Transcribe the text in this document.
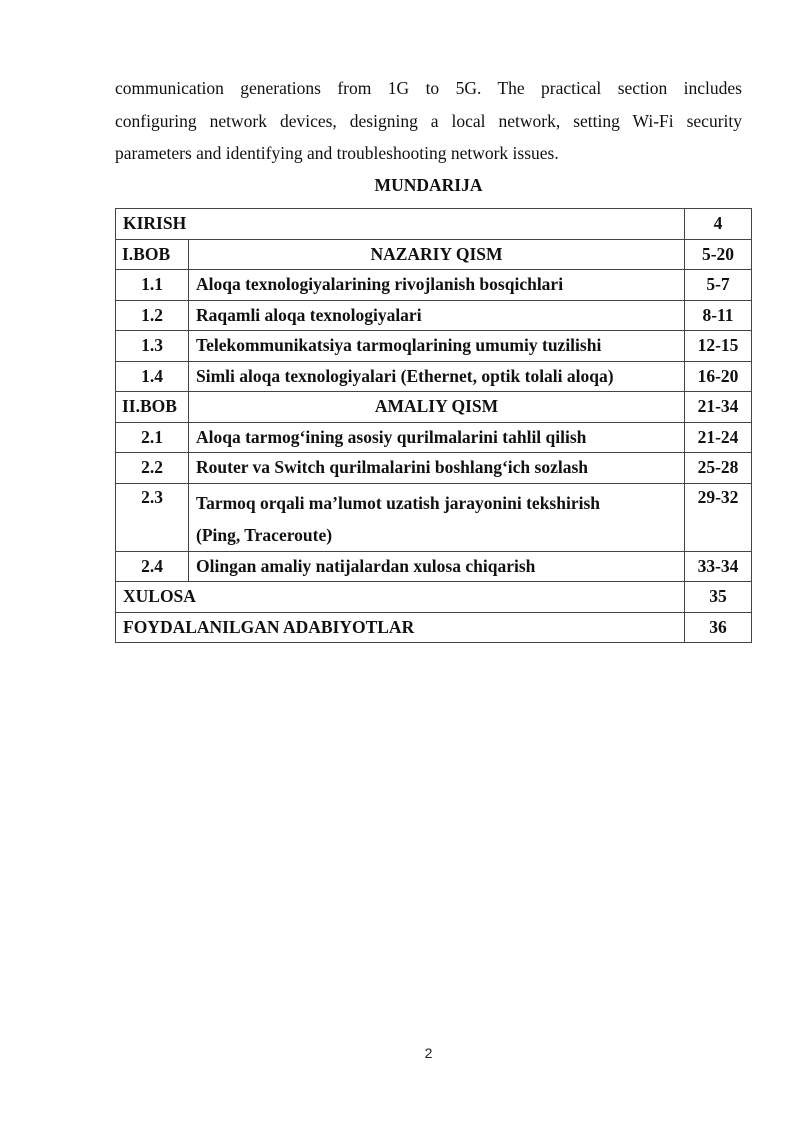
communication generations from 1G to 5G. The practical section includes
configuring network devices, designing a local network, setting Wi-Fi security
parameters and identifying and troubleshooting network issues.
MUNDARIJA
KIRISH		4
I.BOB	NAZARIY QISM	5-20
1.1	Aloqa texnologiyalarining rivojlanish bosqichlari	5-7
1.2	Raqamli aloqa texnologiyalari	8-11
1.3	Telekommunikatsiya tarmoqlarining umumiy tuzilishi	12-15
1.4	Simli aloqa texnologiyalari (Ethernet, optik tolali aloqa)	16-20
II.BOB	AMALIY QISM	21-34
2.1	Aloqa tarmog‘ining asosiy qurilmalarini tahlil qilish	21-24
2.2	Router va Switch qurilmalarini boshlang‘ich sozlash	25-28
2.3	Tarmoq orqali ma’lumot uzatish jarayonini tekshirish
(Ping, Traceroute)	29-32
2.4	Olingan amaliy natijalardan xulosa chiqarish	33-34
XULOSA		35
FOYDALANILGAN ADABIYOTLAR		36
2
